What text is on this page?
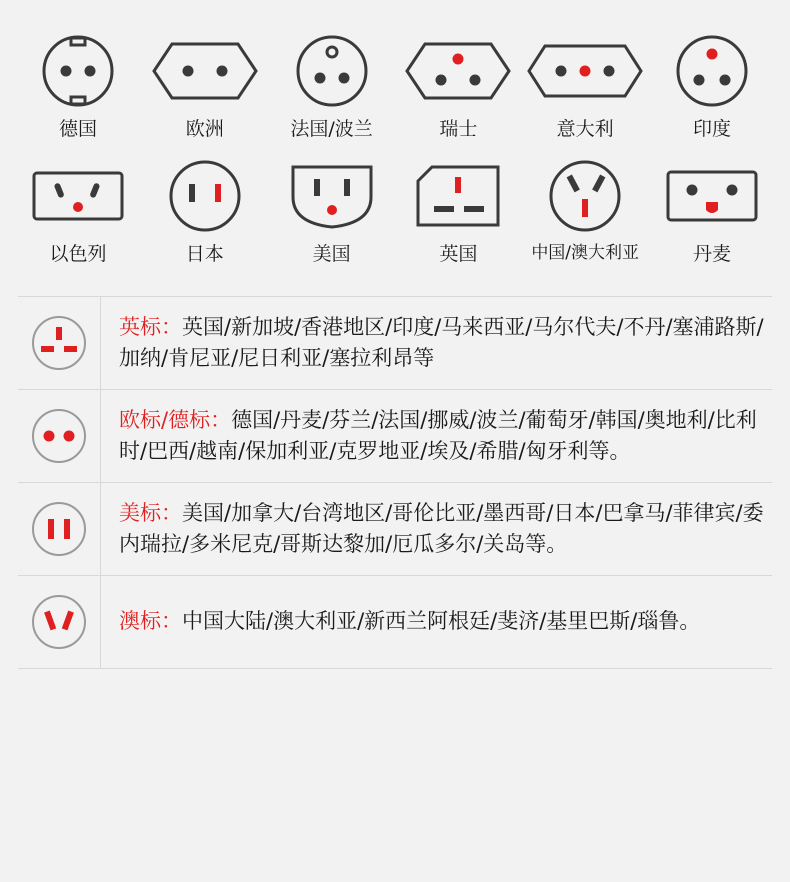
德国	欧洲	法国/波兰	瑞士	意大利	印度
以色列	日本	美国	英国	中国/澳大利亚	丹麦

英标：英国/新加坡/香港地区/印度/马来西亚/马尔代夫/不丹/塞浦路斯/加纳/肯尼亚/尼日利亚/塞拉利昂等

欧标/德标：德国/丹麦/芬兰/法国/挪威/波兰/葡萄牙/韩国/奥地利/比利时/巴西/越南/保加利亚/克罗地亚/埃及/希腊/匈牙利等。

美标：美国/加拿大/台湾地区/哥伦比亚/墨西哥/日本/巴拿马/菲律宾/委内瑞拉/多米尼克/哥斯达黎加/厄瓜多尔/关岛等。

澳标：中国大陆/澳大利亚/新西兰阿根廷/斐济/基里巴斯/瑙鲁。
